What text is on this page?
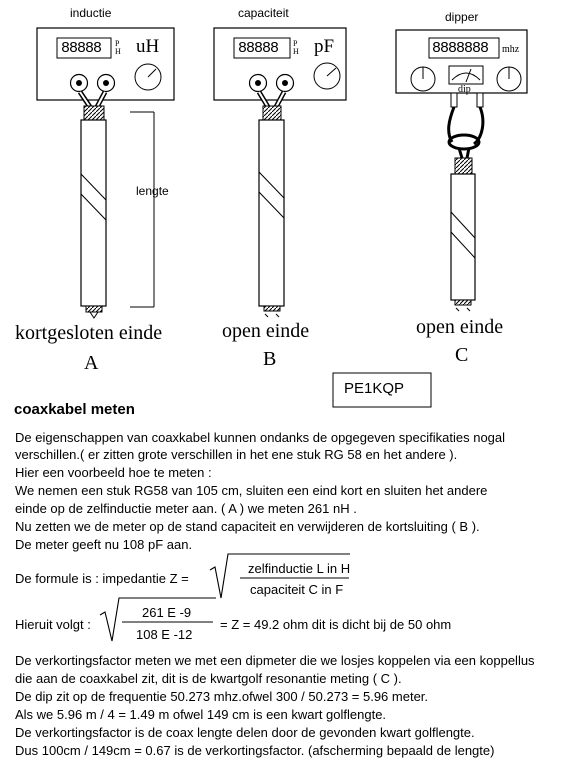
inductie
88888 P
H uH
lengte
kortgesloten einde
A
capaciteit
88888 P
H pF
open einde
B
dipper
8888888 mhz
dip
open einde
C
PE1KQP
coaxkabel meten
De eigenschappen van coaxkabel kunnen ondanks de opgegeven specifikaties nogal
verschillen.( er zitten grote verschillen in het ene stuk RG 58 en het andere ).
Hier een voorbeeld hoe te meten :
We nemen een stuk RG58 van 105 cm, sluiten een eind kort en sluiten het andere
einde op de zelfinductie meter aan. ( A ) we meten 261 nH .
Nu zetten we de meter op de stand capaciteit en verwijderen de kortsluiting ( B ).
De meter geeft nu 108 pF aan.
De formule is : impedantie Z =
zelfinductie L in H
capaciteit C in F
Hieruit volgt :
261 E -9
108 E -12
= Z = 49.2 ohm dit is dicht bij de 50 ohm
De verkortingsfactor meten we met een dipmeter die we losjes koppelen via een koppellus
die aan de coaxkabel zit, dit is de kwartgolf resonantie meting ( C ).
De dip zit op de frequentie 50.273 mhz.ofwel 300 / 50.273 = 5.96 meter.
Als we 5.96 m / 4 = 1.49 m ofwel 149 cm is een kwart golflengte.
De verkortingsfactor is de coax lengte delen door de gevonden kwart golflengte.
Dus 100cm / 149cm = 0.67 is de verkortingsfactor. (afscherming bepaald de lengte)
